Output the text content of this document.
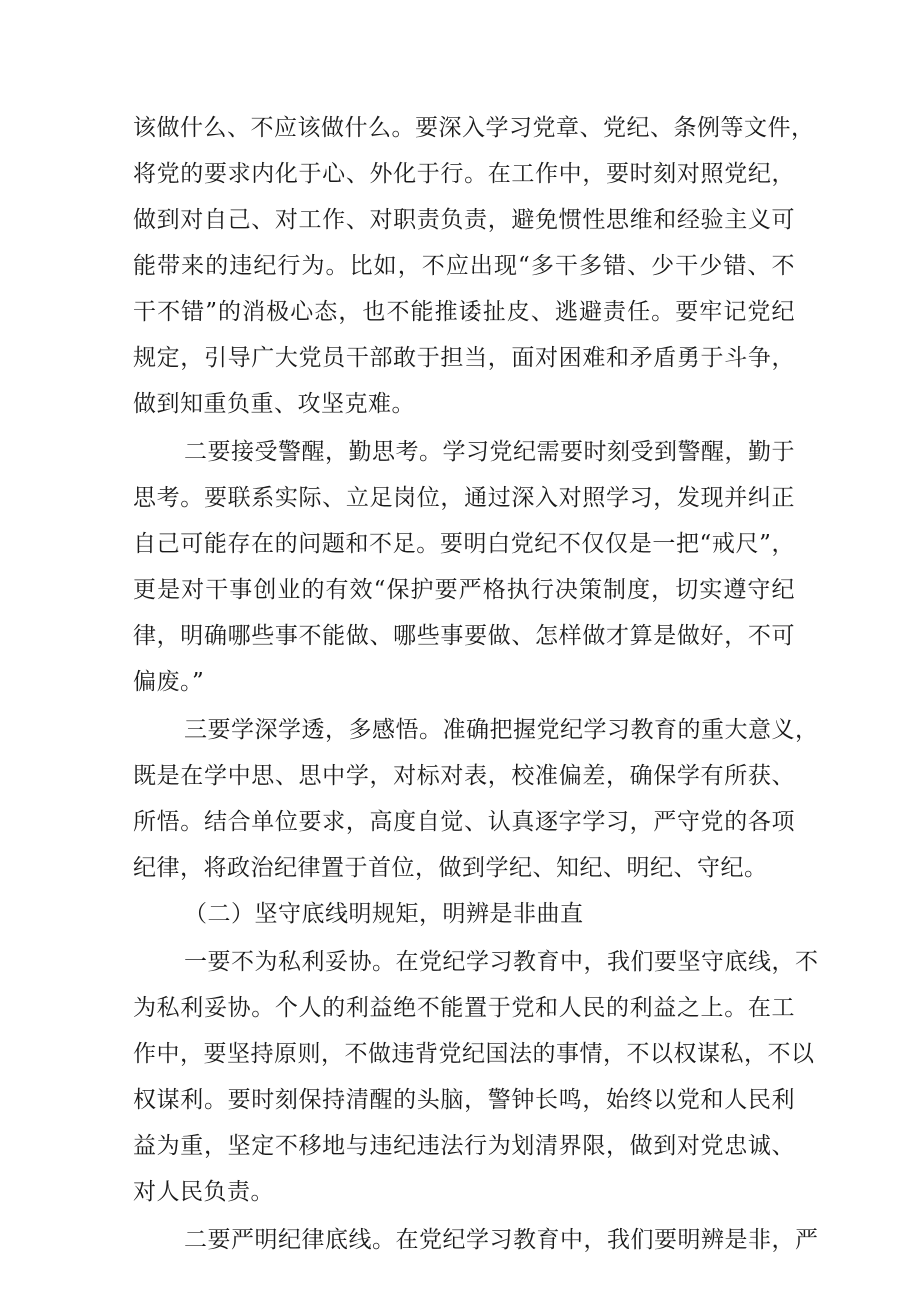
该做什么、不应该做什么。要深入学习党章、党纪、条例等文件，

将党的要求内化于心、外化于行。在工作中，要时刻对照党纪，

做到对自己、对工作、对职责负责，避免惯性思维和经验主义可

能带来的违纪行为。比如，不应出现“多干多错、少干少错、不

干不错”的消极心态，也不能推诿扯皮、逃避责任。要牢记党纪

规定，引导广大党员干部敢于担当，面对困难和矛盾勇于斗争，

做到知重负重、攻坚克难。

二要接受警醒，勤思考。学习党纪需要时刻受到警醒，勤于

思考。要联系实际、立足岗位，通过深入对照学习，发现并纠正

自己可能存在的问题和不足。要明白党纪不仅仅是一把“戒尺”，

更是对干事创业的有效“保护要严格执行决策制度，切实遵守纪

律，明确哪些事不能做、哪些事要做、怎样做才算是做好，不可

偏废。”

三要学深学透，多感悟。准确把握党纪学习教育的重大意义，

既是在学中思、思中学，对标对表，校准偏差，确保学有所获、

所悟。结合单位要求，高度自觉、认真逐字学习，严守党的各项

纪律，将政治纪律置于首位，做到学纪、知纪、明纪、守纪。

（二）坚守底线明规矩，明辨是非曲直

一要不为私利妥协。在党纪学习教育中，我们要坚守底线，不

为私利妥协。个人的利益绝不能置于党和人民的利益之上。在工

作中，要坚持原则，不做违背党纪国法的事情，不以权谋私，不以

权谋利。要时刻保持清醒的头脑，警钟长鸣，始终以党和人民利

益为重，坚定不移地与违纪违法行为划清界限，做到对党忠诚、

对人民负责。

二要严明纪律底线。在党纪学习教育中，我们要明辨是非，严
